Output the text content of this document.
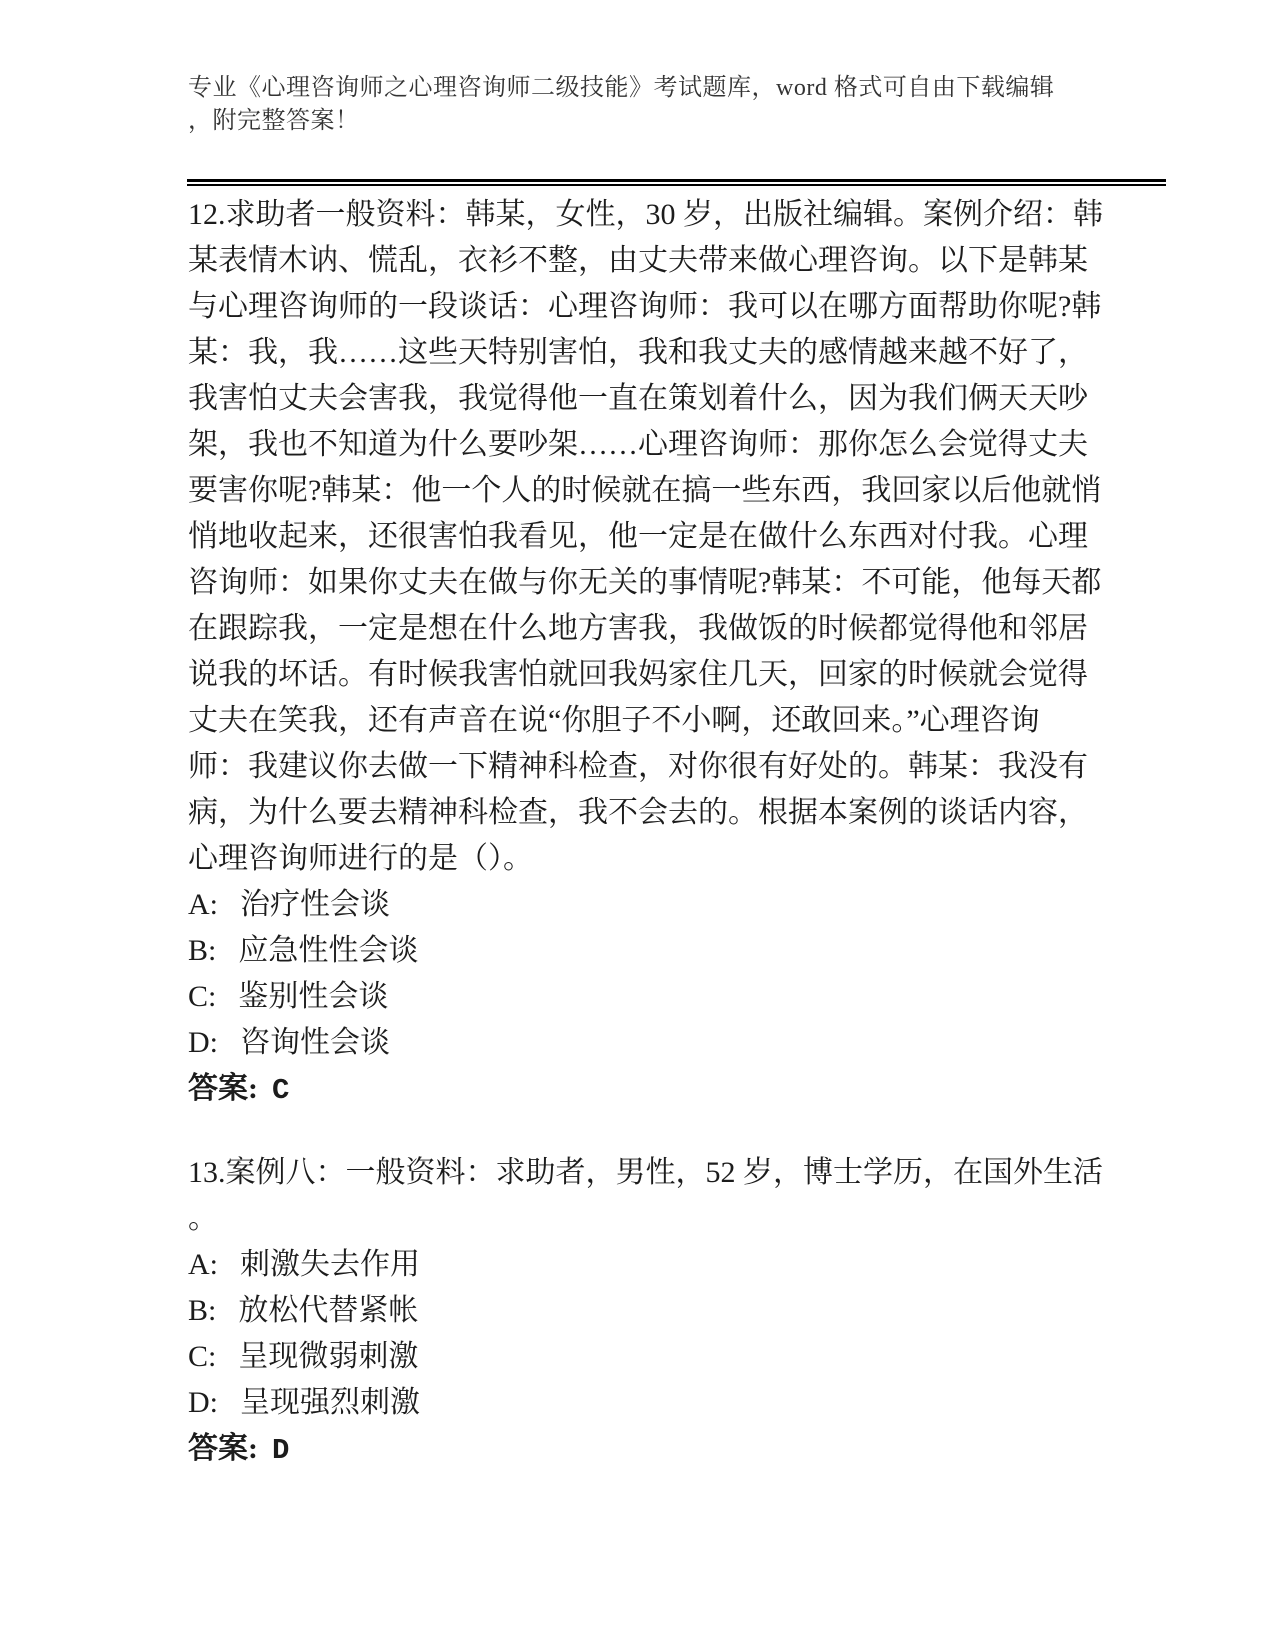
专业《心理咨询师之心理咨询师二级技能》考试题库，word 格式可自由下载编辑
，附完整答案！
12.求助者一般资料：韩某，女性，30 岁，出版社编辑。案例介绍：韩
某表情木讷、慌乱，衣衫不整，由丈夫带来做心理咨询。以下是韩某
与心理咨询师的一段谈话：心理咨询师：我可以在哪方面帮助你呢?韩
某：我，我……这些天特别害怕，我和我丈夫的感情越来越不好了，
我害怕丈夫会害我，我觉得他一直在策划着什么，因为我们俩天天吵
架，我也不知道为什么要吵架……心理咨询师：那你怎么会觉得丈夫
要害你呢?韩某：他一个人的时候就在搞一些东西，我回家以后他就悄
悄地收起来，还很害怕我看见，他一定是在做什么东西对付我。心理
咨询师：如果你丈夫在做与你无关的事情呢?韩某：不可能，他每天都
在跟踪我，一定是想在什么地方害我，我做饭的时候都觉得他和邻居
说我的坏话。有时候我害怕就回我妈家住几天，回家的时候就会觉得
丈夫在笑我，还有声音在说“你胆子不小啊，还敢回来。”心理咨询
师：我建议你去做一下精神科检查，对你很有好处的。韩某：我没有
病，为什么要去精神科检查，我不会去的。根据本案例的谈话内容，
心理咨询师进行的是（）。
A: 治疗性会谈
B: 应急性性会谈
C: 鉴别性会谈
D: 咨询性会谈
答案: C
13.案例八：一般资料：求助者，男性，52 岁，博士学历，在国外生活
。
A: 刺激失去作用
B: 放松代替紧帐
C: 呈现微弱刺激
D: 呈现强烈刺激
答案: D
